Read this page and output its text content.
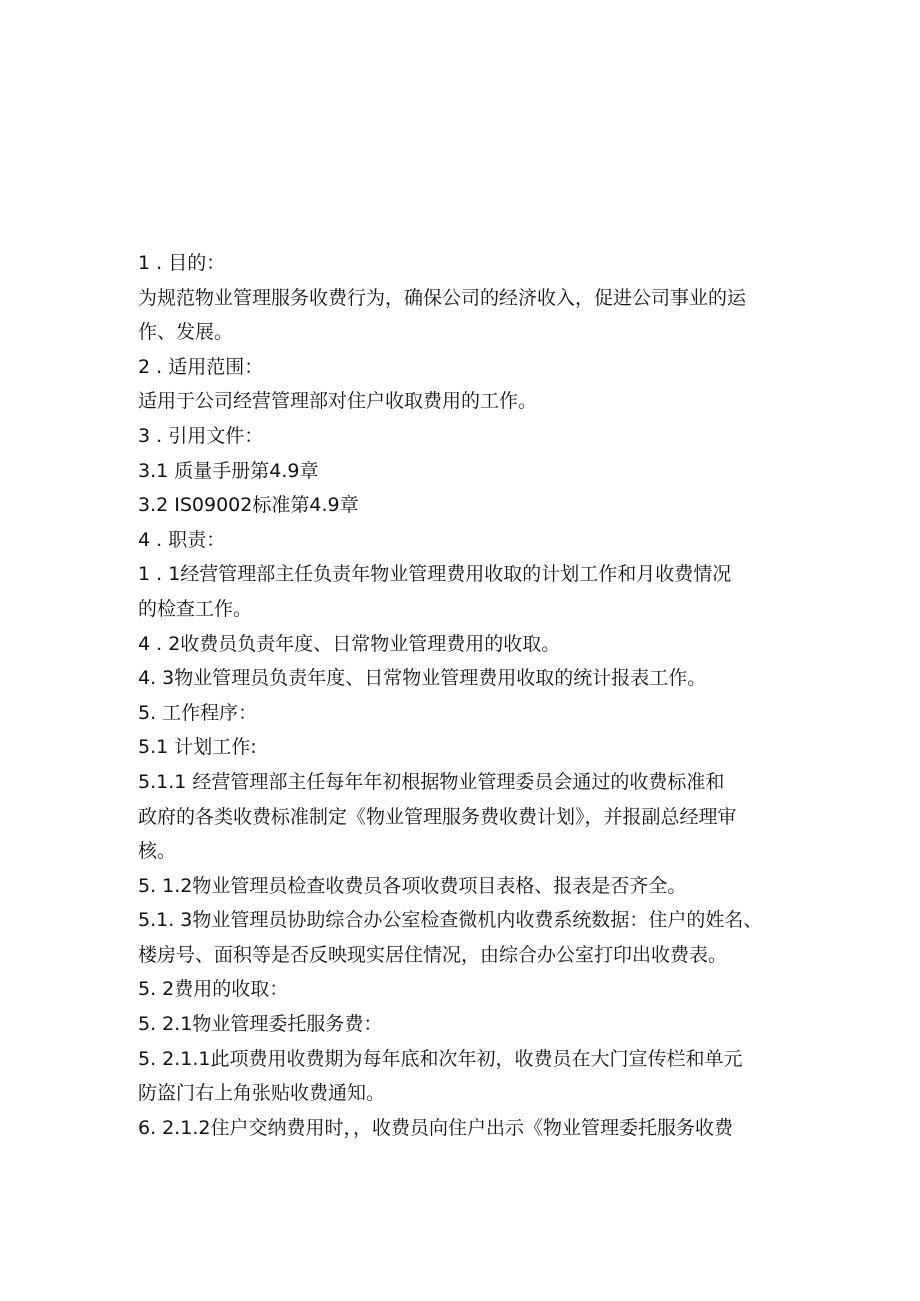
1 . 目的：

为规范物业管理服务收费行为，确保公司的经济收入，促进公司事业的运

作、发展。

2 . 适用范围：

适用于公司经营管理部对住户收取费用的工作。

3 . 引用文件：

3.1 质量手册第4.9章

3.2 IS09002标准第4.9章

4 . 职责：

1 . 1经营管理部主任负责年物业管理费用收取的计划工作和月收费情况

的检查工作。

4 . 2收费员负责年度、日常物业管理费用的收取。

4. 3物业管理员负责年度、日常物业管理费用收取的统计报表工作。

5. 工作程序：

5.1 计划工作:

5.1.1 经营管理部主任每年年初根据物业管理委员会通过的收费标准和

政府的各类收费标准制定《物业管理服务费收费计划》，并报副总经理审

核。

5. 1.2物业管理员检查收费员各项收费项目表格、报表是否齐全。

5.1. 3物业管理员协助综合办公室检查微机内收费系统数据：住户的姓名、

楼房号、面积等是否反映现实居住情况，由综合办公室打印出收费表。

5. 2费用的收取：

5. 2.1物业管理委托服务费：

5. 2.1.1此项费用收费期为每年底和次年初，收费员在大门宣传栏和单元

防盗门右上角张贴收费通知。

6. 2.1.2住户交纳费用时，，收费员向住户出示《物业管理委托服务收费
